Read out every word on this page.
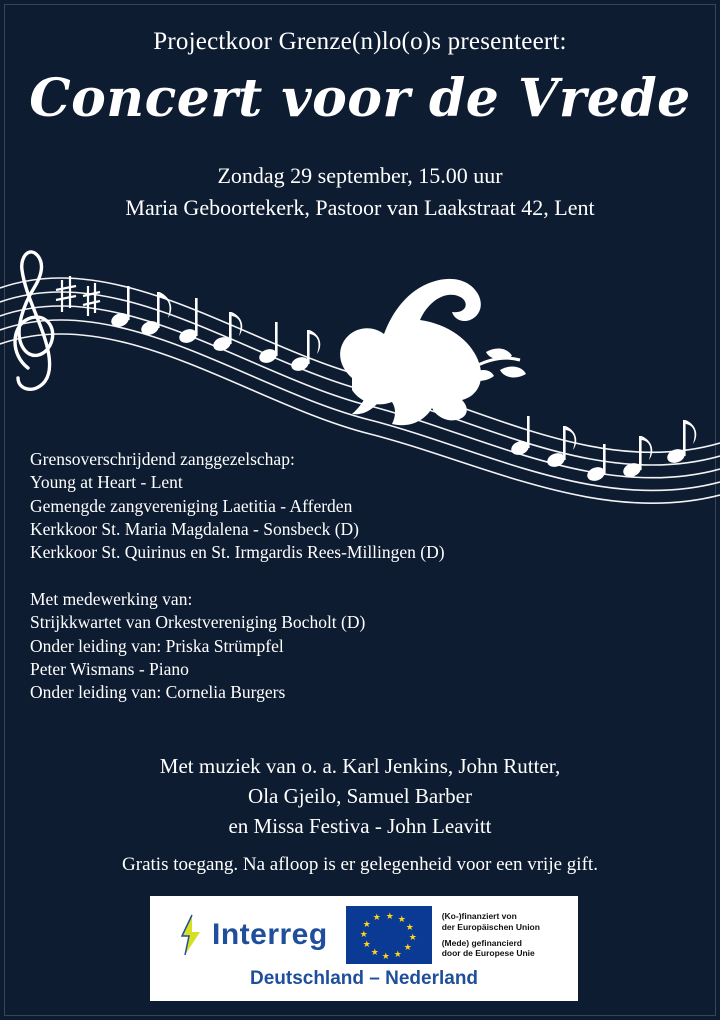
Projectkoor Grenze(n)lo(o)s presenteert:
Concert voor de Vrede
Zondag 29 september, 15.00 uur
Maria Geboortekerk, Pastoor van Laakstraat 42, Lent
Grensoverschrijdend zanggezelschap:
Young at Heart - Lent
Gemengde zangvereniging Laetitia - Afferden
Kerkkoor St. Maria Magdalena - Sonsbeck (D)
Kerkkoor St. Quirinus en St. Irmgardis Rees-Millingen (D)
Met medewerking van:
Strijkkwartet van Orkestvereniging Bocholt (D)
Onder leiding van: Priska Strümpfel
Peter Wismans - Piano
Onder leiding van: Cornelia Burgers
Met muziek van o. a. Karl Jenkins, John Rutter,
Ola Gjeilo, Samuel Barber
en Missa Festiva - John Leavitt
Gratis toegang. Na afloop is er gelegenheid voor een vrije gift.
Interreg
★ ★
★
★
★
★
★
★
★
★
★
★	(Ko-)finanziert von
der Europäischen Union
(Mede) gefinancierd
door de Europese Unie
Deutschland – Nederland
